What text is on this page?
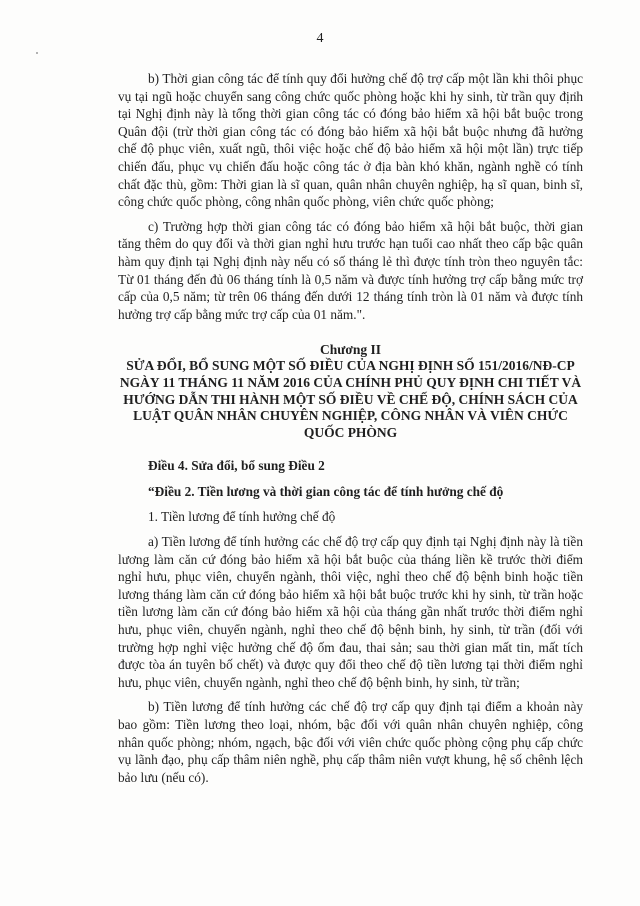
4

b) Thời gian công tác để tính quy đổi hưởng chế độ trợ cấp một lần khi thôi phục vụ tại ngũ hoặc chuyển sang công chức quốc phòng hoặc khi hy sinh, từ trần quy định tại Nghị định này là tổng thời gian công tác có đóng bảo hiểm xã hội bắt buộc trong Quân đội (trừ thời gian công tác có đóng bảo hiểm xã hội bắt buộc nhưng đã hưởng chế độ phục viên, xuất ngũ, thôi việc hoặc chế độ bảo hiểm xã hội một lần) trực tiếp chiến đấu, phục vụ chiến đấu hoặc công tác ở địa bàn khó khăn, ngành nghề có tính chất đặc thù, gồm: Thời gian là sĩ quan, quân nhân chuyên nghiệp, hạ sĩ quan, binh sĩ, công chức quốc phòng, công nhân quốc phòng, viên chức quốc phòng;

c) Trường hợp thời gian công tác có đóng bảo hiểm xã hội bắt buộc, thời gian tăng thêm do quy đổi và thời gian nghỉ hưu trước hạn tuổi cao nhất theo cấp bậc quân hàm quy định tại Nghị định này nếu có số tháng lẻ thì được tính tròn theo nguyên tắc: Từ 01 tháng đến đủ 06 tháng tính là 0,5 năm và được tính hưởng trợ cấp bằng mức trợ cấp của 0,5 năm; từ trên 06 tháng đến dưới 12 tháng tính tròn là 01 năm và được tính hưởng trợ cấp bằng mức trợ cấp của 01 năm.".

Chương II
SỬA ĐỔI, BỔ SUNG MỘT SỐ ĐIỀU CỦA NGHỊ ĐỊNH SỐ 151/2016/NĐ-CP NGÀY 11 THÁNG 11 NĂM 2016 CỦA CHÍNH PHỦ QUY ĐỊNH CHI TIẾT VÀ HƯỚNG DẪN THI HÀNH MỘT SỐ ĐIỀU VỀ CHẾ ĐỘ, CHÍNH SÁCH CỦA LUẬT QUÂN NHÂN CHUYÊN NGHIỆP, CÔNG NHÂN VÀ VIÊN CHỨC QUỐC PHÒNG

Điều 4. Sửa đổi, bổ sung Điều 2

“Điều 2. Tiền lương và thời gian công tác để tính hưởng chế độ

1. Tiền lương để tính hưởng chế độ

a) Tiền lương để tính hưởng các chế độ trợ cấp quy định tại Nghị định này là tiền lương làm căn cứ đóng bảo hiểm xã hội bắt buộc của tháng liền kề trước thời điểm nghỉ hưu, phục viên, chuyển ngành, thôi việc, nghỉ theo chế độ bệnh binh hoặc tiền lương tháng làm căn cứ đóng bảo hiểm xã hội bắt buộc trước khi hy sinh, từ trần hoặc tiền lương làm căn cứ đóng bảo hiểm xã hội của tháng gần nhất trước thời điểm nghỉ hưu, phục viên, chuyển ngành, nghỉ theo chế độ bệnh binh, hy sinh, từ trần (đối với trường hợp nghỉ việc hưởng chế độ ốm đau, thai sản; sau thời gian mất tin, mất tích được tòa án tuyên bố chết) và được quy đổi theo chế độ tiền lương tại thời điểm nghỉ hưu, phục viên, chuyển ngành, nghỉ theo chế độ bệnh binh, hy sinh, từ trần;

b) Tiền lương để tính hưởng các chế độ trợ cấp quy định tại điểm a khoản này bao gồm: Tiền lương theo loại, nhóm, bậc đối với quân nhân chuyên nghiệp, công nhân quốc phòng; nhóm, ngạch, bậc đối với viên chức quốc phòng cộng phụ cấp chức vụ lãnh đạo, phụ cấp thâm niên nghề, phụ cấp thâm niên vượt khung, hệ số chênh lệch bảo lưu (nếu có).
